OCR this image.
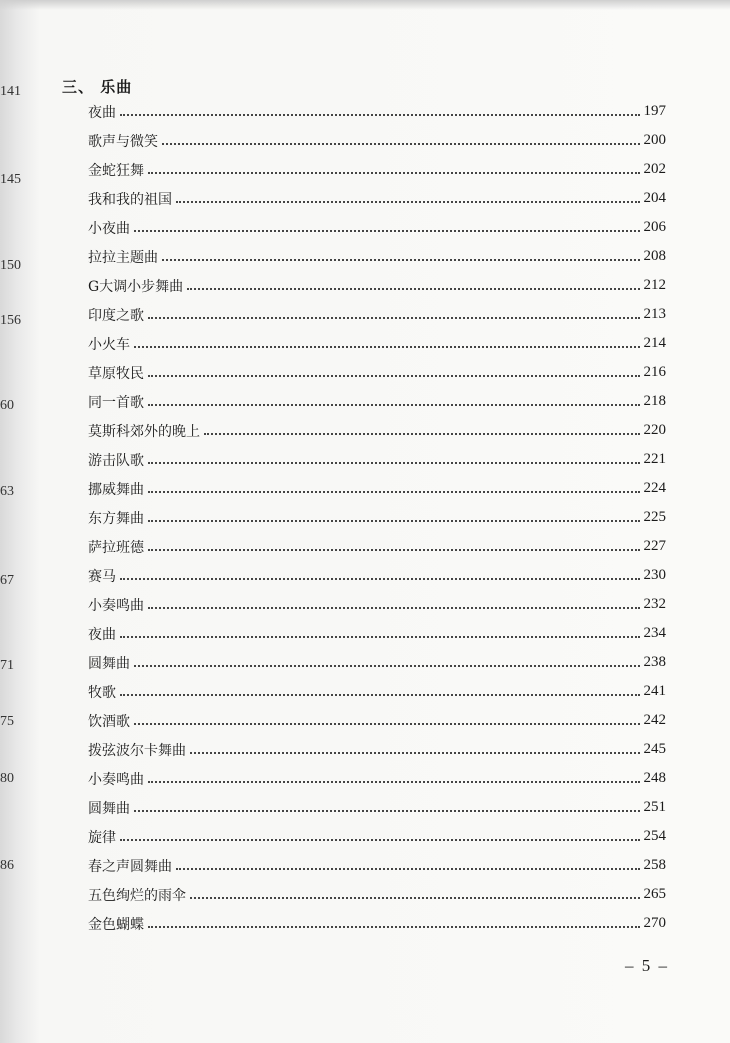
141
145
150
156
60
63
67
71
75
80
86
三、 乐曲
夜曲	197
歌声与微笑	200
金蛇狂舞	202
我和我的祖国	204
小夜曲	206
拉拉主题曲	208
G大调小步舞曲	212
印度之歌	213
小火车	214
草原牧民	216
同一首歌	218
莫斯科郊外的晚上	220
游击队歌	221
挪威舞曲	224
东方舞曲	225
萨拉班德	227
赛马	230
小奏鸣曲	232
夜曲	234
圆舞曲	238
牧歌	241
饮酒歌	242
拨弦波尔卡舞曲	245
小奏鸣曲	248
圆舞曲	251
旋律	254
春之声圆舞曲	258
五色绚烂的雨伞	265
金色蝴蝶	270
– 5 –
